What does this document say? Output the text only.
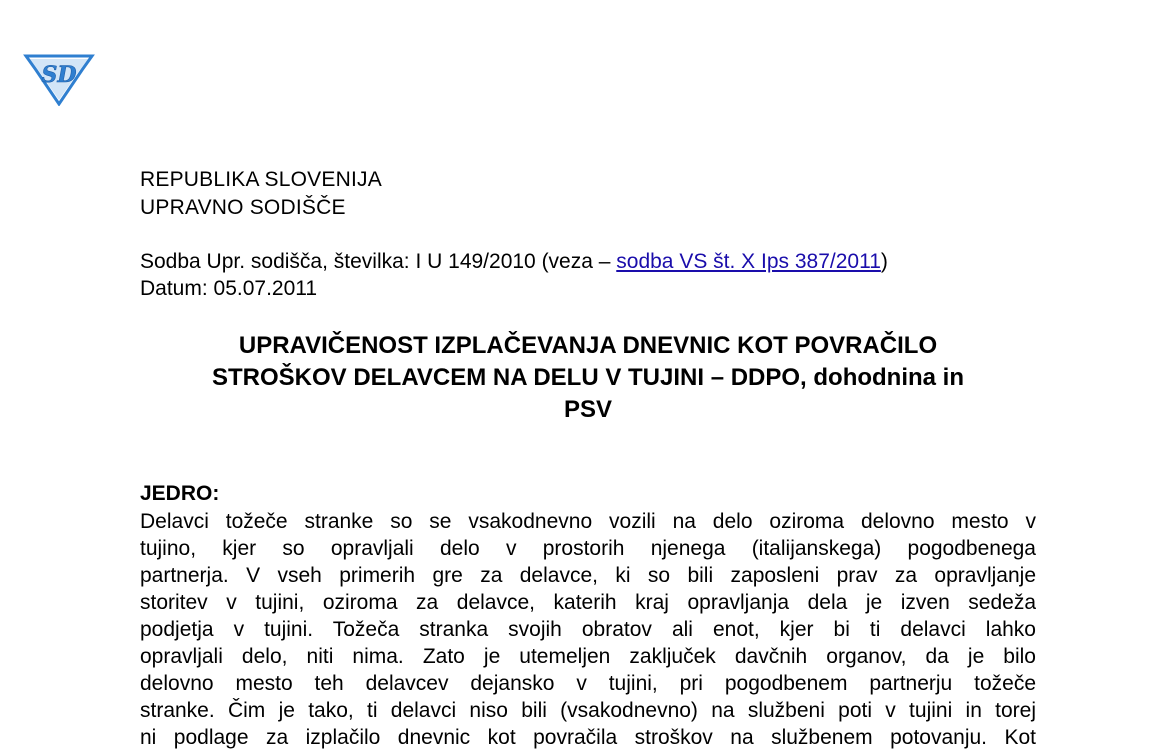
SD
REPUBLIKA SLOVENIJA
UPRAVNO SODIŠČE
Sodba Upr. sodišča, številka: I U 149/2010 (veza – sodba VS št. X Ips 387/2011)
Datum: 05.07.2011
UPRAVIČENOST IZPLAČEVANJA DNEVNIC KOT POVRAČILO
STROŠKOV DELAVCEM NA DELU V TUJINI – DDPO, dohodnina in
PSV
JEDRO:
Delavci tožeče stranke so se vsakodnevno vozili na delo oziroma delovno mesto v
tujino, kjer so opravljali delo v prostorih njenega (italijanskega) pogodbenega
partnerja. V vseh primerih gre za delavce, ki so bili zaposleni prav za opravljanje
storitev v tujini, oziroma za delavce, katerih kraj opravljanja dela je izven sedeža
podjetja v tujini. Tožeča stranka svojih obratov ali enot, kjer bi ti delavci lahko
opravljali delo, niti nima. Zato je utemeljen zaključek davčnih organov, da je bilo
delovno mesto teh delavcev dejansko v tujini, pri pogodbenem partnerju tožeče
stranke. Čim je tako, ti delavci niso bili (vsakodnevno) na službeni poti v tujini in torej
ni podlage za izplačilo dnevnic kot povračila stroškov na službenem potovanju. Kot
